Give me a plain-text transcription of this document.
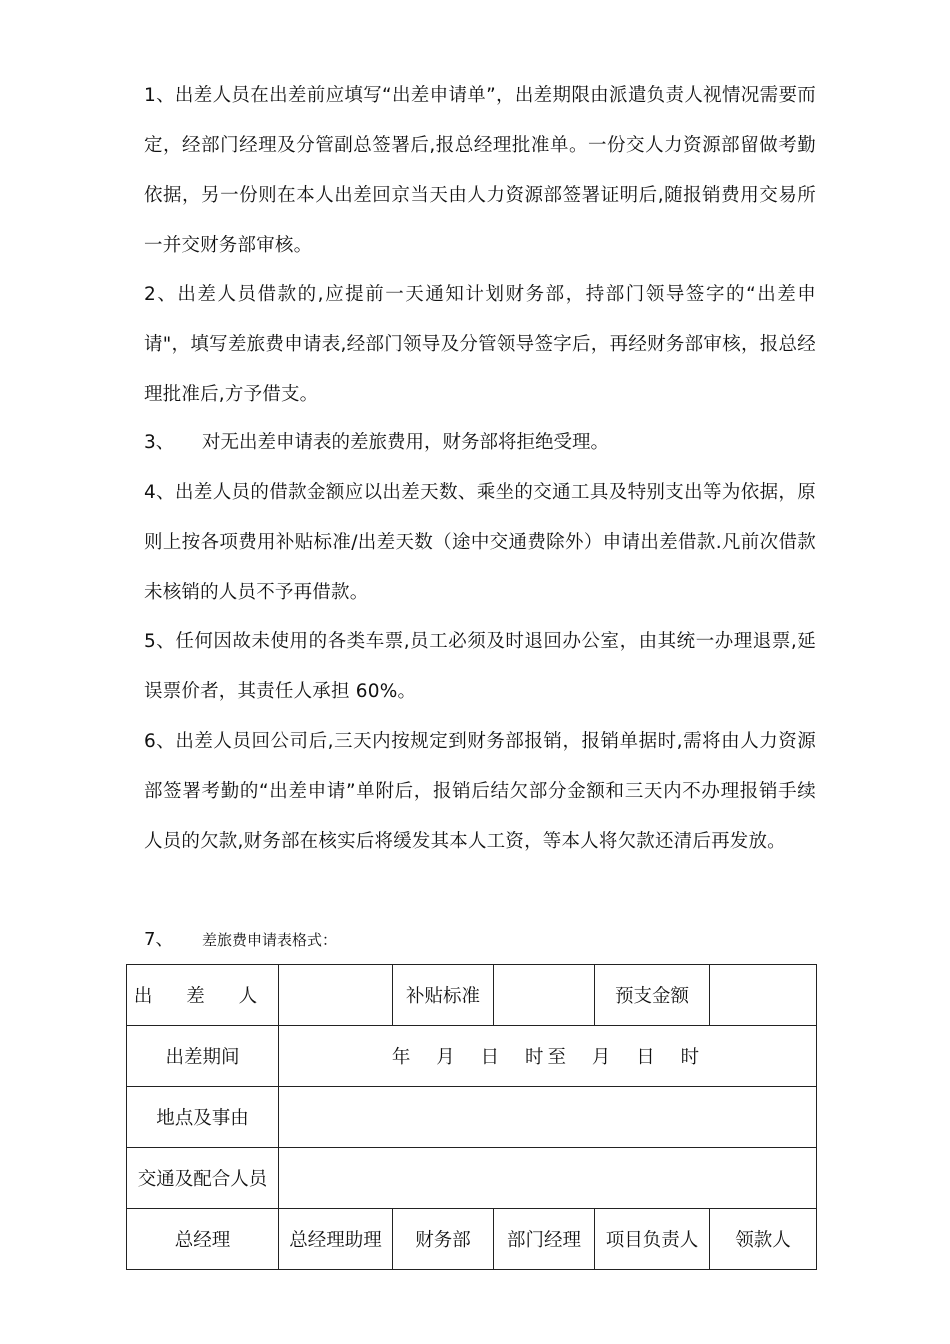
1、出差人员在出差前应填写“出差申请单”，出差期限由派遣负责人视情况需要而定，经部门经理及分管副总签署后,报总经理批准单。一份交人力资源部留做考勤依据，另一份则在本人出差回京当天由人力资源部签署证明后,随报销费用交易所一并交财务部审核。

2、出差人员借款的,应提前一天通知计划财务部，持部门领导签字的“出差申请"，填写差旅费申请表,经部门领导及分管领导签字后，再经财务部审核，报总经理批准后,方予借支。

3、 对无出差申请表的差旅费用，财务部将拒绝受理。

4、出差人员的借款金额应以出差天数、乘坐的交通工具及特别支出等为依据，原则上按各项费用补贴标准/出差天数（途中交通费除外）申请出差借款.凡前次借款未核销的人员不予再借款。

5、任何因故未使用的各类车票,员工必须及时退回办公室，由其统一办理退票,延误票价者，其责任人承担 60%。

6、出差人员回公司后,三天内按规定到财务部报销，报销单据时,需将由人力资源部签署考勤的“出差申请”单附后，报销后结欠部分金额和三天内不办理报销手续人员的欠款,财务部在核实后将缓发其本人工资，等本人将欠款还清后再发放。

7、 差旅费申请表格式：
出 差 人		补贴标准		预支金额	
出差期间	年 月 日 时至 月 日 时				
地点及事由					
交通及配合人员					
总经理	总经理助理	财务部	部门经理	项目负责人	领款人
